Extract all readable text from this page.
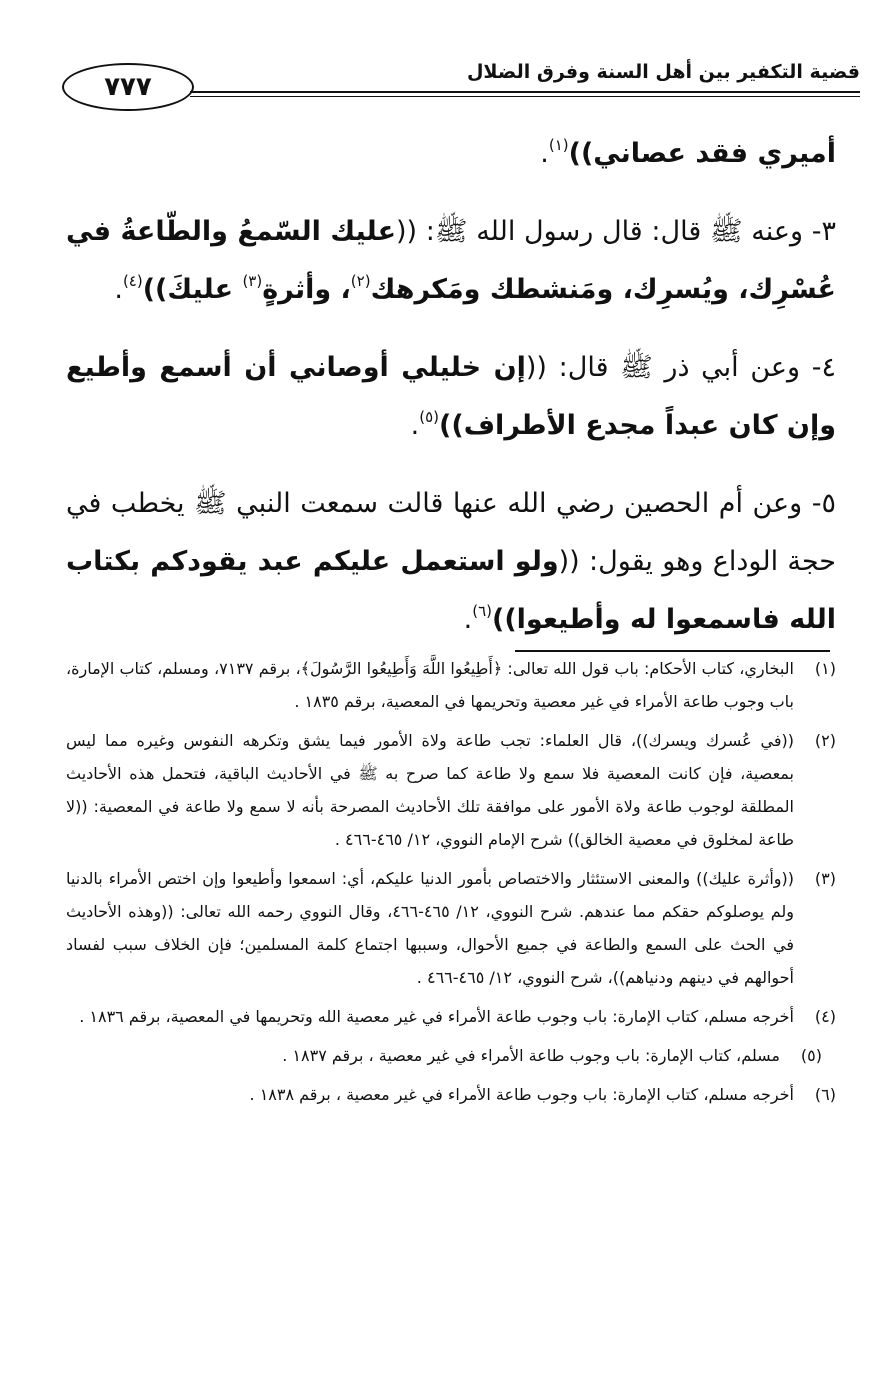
٧٧٧	قضية التكفير بين أهل السنة وفرق الضلال

أميري فقد عصاني))$^{(١)}$.

٣- وعنه ﷺ قال: قال رسول الله ﷺ: ((عليك السّمعُ والطّاعةُ في عُسْرِك، ويُسرِك، ومَنشطك ومَكرهك$^{(٢)}$، وأثرةٍ$^{(٣)}$ عليكَ))$^{(٤)}$.

٤- وعن أبي ذر ﷺ قال: ((إن خليلي أوصاني أن أسمع وأطيع وإن كان عبداً مجدع الأطراف))$^{(٥)}$.

٥- وعن أم الحصين رضي الله عنها قالت سمعت النبي ﷺ يخطب في حجة الوداع وهو يقول: ((ولو استعمل عليكم عبد يقودكم بكتاب الله فاسمعوا له وأطيعوا))$^{(٦)}$.

(١)البخاري، كتاب الأحكام: باب قول الله تعالى: ﴿أَطِيعُوا اللَّهَ وَأَطِيعُوا الرَّسُولَ﴾، برقم ٧١٣٧، ومسلم، كتاب الإمارة، باب وجوب طاعة الأمراء في غير معصية وتحريمها في المعصية، برقم ١٨٣٥ .

(٢)((في عُسرك ويسرك))، قال العلماء: تجب طاعة ولاة الأمور فيما يشق وتكرهه النفوس وغيره مما ليس بمعصية، فإن كانت المعصية فلا سمع ولا طاعة كما صرح به ﷺ في الأحاديث الباقية، فتحمل هذه الأحاديث المطلقة لوجوب طاعة ولاة الأمور على موافقة تلك الأحاديث المصرحة بأنه لا سمع ولا طاعة في المعصية: ((لا طاعة لمخلوق في معصية الخالق)) شرح الإمام النووي، ١٢/ ٤٦٥-٤٦٦ .

(٣)((وأثرة عليك)) والمعنى الاستئثار والاختصاص بأمور الدنيا عليكم، أي: اسمعوا وأطيعوا وإن اختص الأمراء بالدنيا ولم يوصلوكم حقكم مما عندهم. شرح النووي، ١٢/ ٤٦٥-٤٦٦، وقال النووي رحمه الله تعالى: ((وهذه الأحاديث في الحث على السمع والطاعة في جميع الأحوال، وسببها اجتماع كلمة المسلمين؛ فإن الخلاف سبب لفساد أحوالهم في دينهم ودنياهم))، شرح النووي، ١٢/ ٤٦٥-٤٦٦ .

(٤)أخرجه مسلم، كتاب الإمارة: باب وجوب طاعة الأمراء في غير معصية الله وتحريمها في المعصية، برقم ١٨٣٦ .

(٥)مسلم، كتاب الإمارة: باب وجوب طاعة الأمراء في غير معصية ، برقم ١٨٣٧ .

(٦)أخرجه مسلم، كتاب الإمارة: باب وجوب طاعة الأمراء في غير معصية ، برقم ١٨٣٨ .
